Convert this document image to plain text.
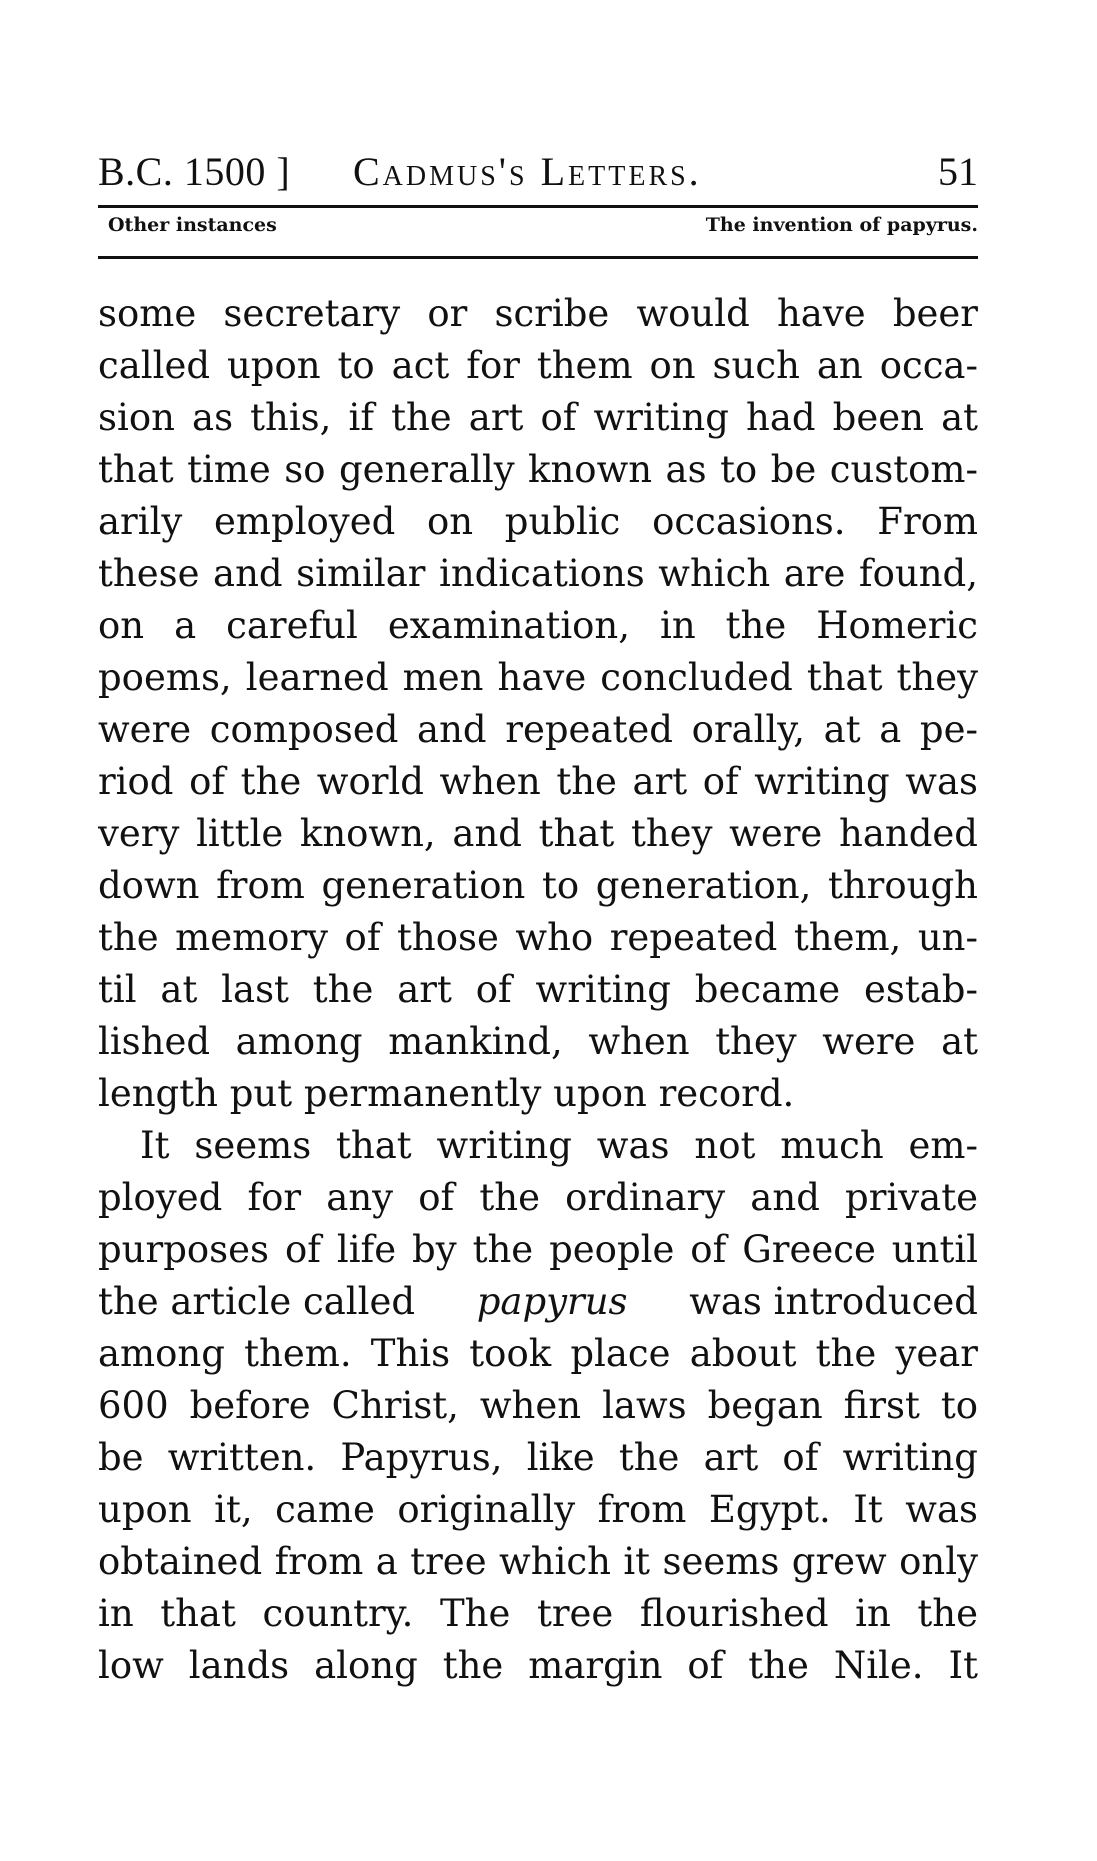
B.C. 1500 ] Cadmus's Letters.	51
Other instances	The invention of papyrus.
some secretary or scribe would have beer
called upon to act for them on such an occa-
sion as this, if the art of writing had been at
that time so generally known as to be custom-
arily employed on public occasions. From
these and similar indications which are found,
on a careful examination, in the Homeric
poems, learned men have concluded that they
were composed and repeated orally, at a pe-
riod of the world when the art of writing was
very little known, and that they were handed
down from generation to generation, through
the memory of those who repeated them, un-
til at last the art of writing became estab-
lished among mankind, when they were at
length put permanently upon record.
It seems that writing was not much em-
ployed for any of the ordinary and private
purposes of life by the people of Greece until
the article called papyrus was introduced
among them. This took place about the year
600 before Christ, when laws began first to
be written. Papyrus, like the art of writing
upon it, came originally from Egypt. It was
obtained from a tree which it seems grew only
in that country. The tree flourished in the
low lands along the margin of the Nile. It
